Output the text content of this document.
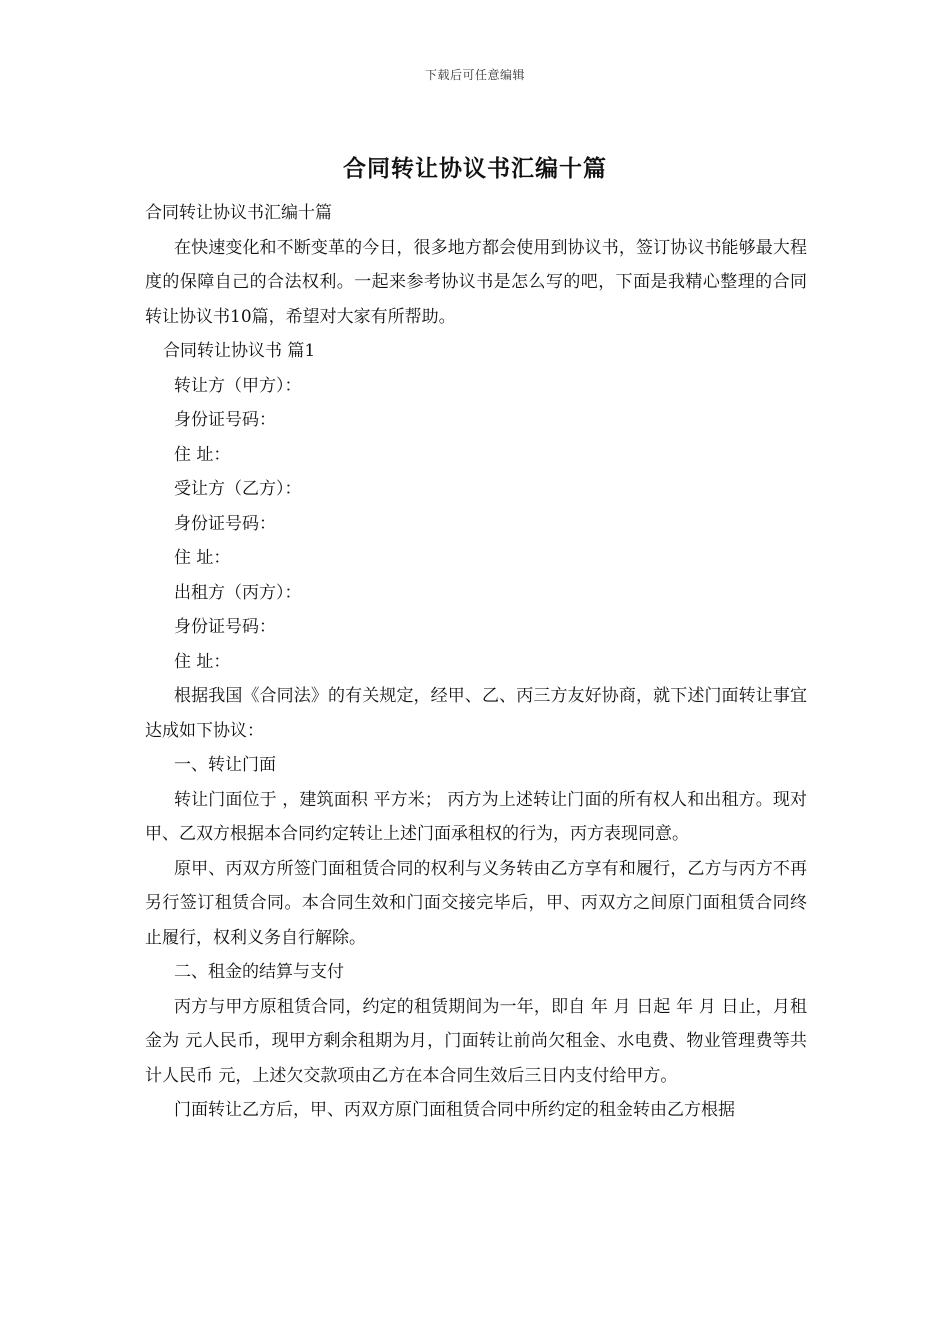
下载后可任意编辑
合同转让协议书汇编十篇

合同转让协议书汇编十篇

在快速变化和不断变革的今日，很多地方都会使用到协议书，签订协议书能够最大程度的保障自己的合法权利。一起来参考协议书是怎么写的吧，下面是我精心整理的合同转让协议书10篇，希望对大家有所帮助。

合同转让协议书 篇1

转让方（甲方）：

身份证号码：

住 址：

受让方（乙方）：

身份证号码：

住 址：

出租方（丙方）：

身份证号码：

住 址：

根据我国《合同法》的有关规定，经甲、乙、丙三方友好协商，就下述门面转让事宜达成如下协议：

一、转让门面

转让门面位于 ，建筑面积 平方米； 丙方为上述转让门面的所有权人和出租方。现对甲、乙双方根据本合同约定转让上述门面承租权的行为，丙方表现同意。

原甲、丙双方所签门面租赁合同的权利与义务转由乙方享有和履行，乙方与丙方不再另行签订租赁合同。本合同生效和门面交接完毕后，甲、丙双方之间原门面租赁合同终止履行，权利义务自行解除。

二、租金的结算与支付

丙方与甲方原租赁合同，约定的租赁期间为一年，即自 年 月 日起 年 月 日止，月租金为 元人民币，现甲方剩余租期为月，门面转让前尚欠租金、水电费、物业管理费等共计人民币 元，上述欠交款项由乙方在本合同生效后三日内支付给甲方。

门面转让乙方后，甲、丙双方原门面租赁合同中所约定的租金转由乙方根据
